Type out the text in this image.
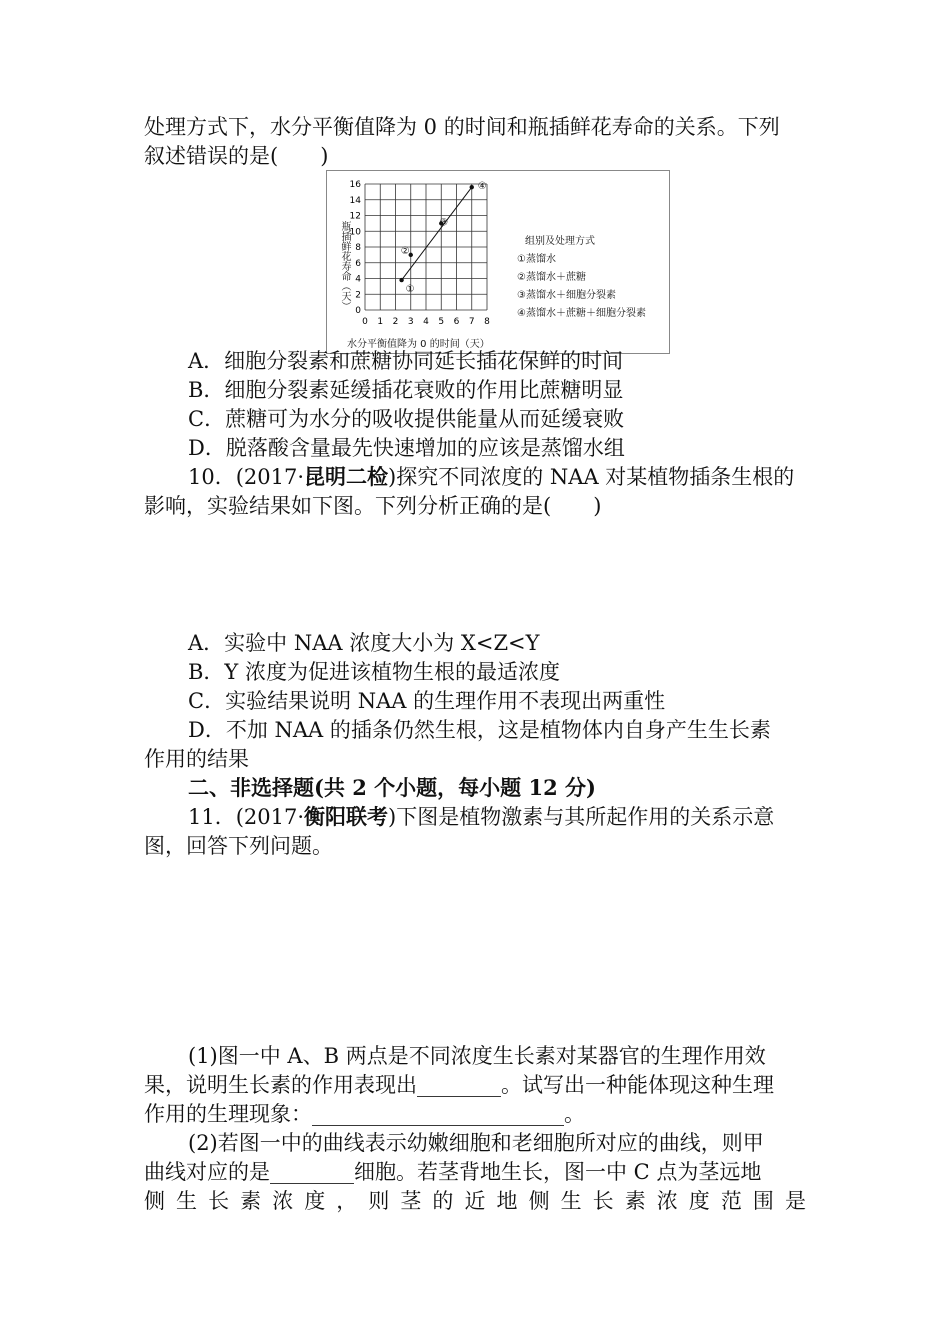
处理方式下，水分平衡值降为 0 的时间和瓶插鲜花寿命的关系。下列
叙述错误的是(　　)
0 1 2 3 4 5 6 7 8
0
2
4
6
8
10
12
14
16
①
②
③
④
瓶插鲜花寿命（天）
水分平衡值降为 0 的时间（天）
组别及处理方式
①蒸馏水
②蒸馏水＋蔗糖
③蒸馏水＋细胞分裂素
④蒸馏水＋蔗糖＋细胞分裂素
A．细胞分裂素和蔗糖协同延长插花保鲜的时间
B．细胞分裂素延缓插花衰败的作用比蔗糖明显
C．蔗糖可为水分的吸收提供能量从而延缓衰败
D．脱落酸含量最先快速增加的应该是蒸馏水组
10．(2017·昆明二检)探究不同浓度的 NAA 对某植物插条生根的
影响，实验结果如下图。下列分析正确的是(　　)
A．实验中 NAA 浓度大小为 X<Z<Y
B．Y 浓度为促进该植物生根的最适浓度
C．实验结果说明 NAA 的生理作用不表现出两重性
D．不加 NAA 的插条仍然生根，这是植物体内自身产生生长素
作用的结果
二、非选择题(共 2 个小题，每小题 12 分)
11．(2017·衡阳联考)下图是植物激素与其所起作用的关系示意
图，回答下列问题。
(1)图一中 A、B 两点是不同浓度生长素对某器官的生理作用效
果，说明生长素的作用表现出________。试写出一种能体现这种生理
作用的生理现象：________________________。
(2)若图一中的曲线表示幼嫩细胞和老细胞所对应的曲线，则甲
曲线对应的是________细胞。若茎背地生长，图一中 C 点为茎远地
侧 生 长 素 浓 度 ， 则 茎 的 近 地 侧 生 长 素 浓 度 范 围 是
